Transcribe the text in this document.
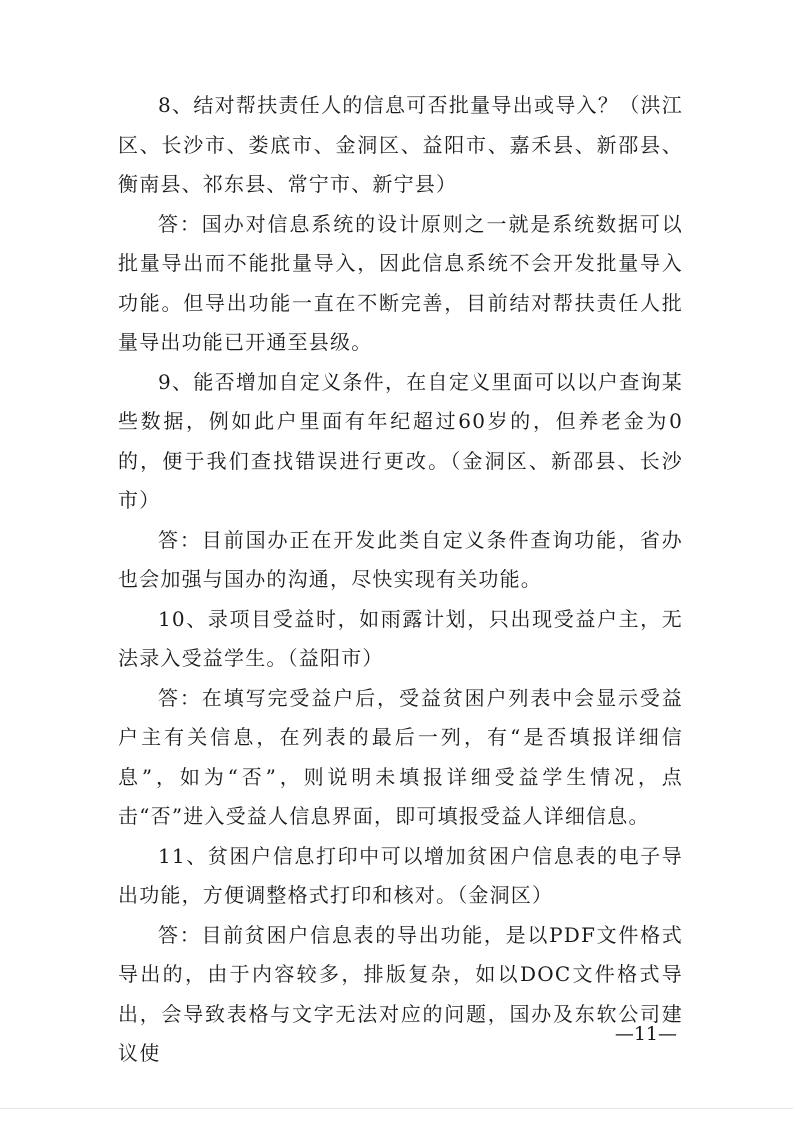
8、结对帮扶责任人的信息可否批量导出或导入？（洪江区、长沙市、娄底市、金洞区、益阳市、嘉禾县、新邵县、衡南县、祁东县、常宁市、新宁县）

答：国办对信息系统的设计原则之一就是系统数据可以批量导出而不能批量导入，因此信息系统不会开发批量导入功能。但导出功能一直在不断完善，目前结对帮扶责任人批量导出功能已开通至县级。

9、能否增加自定义条件，在自定义里面可以以户查询某些数据，例如此户里面有年纪超过60岁的，但养老金为0的，便于我们查找错误进行更改。（金洞区、新邵县、长沙市）

答：目前国办正在开发此类自定义条件查询功能，省办也会加强与国办的沟通，尽快实现有关功能。

10、录项目受益时，如雨露计划，只出现受益户主，无法录入受益学生。（益阳市）

答：在填写完受益户后，受益贫困户列表中会显示受益户主有关信息，在列表的最后一列，有“是否填报详细信息”，如为“否”，则说明未填报详细受益学生情况，点击“否”进入受益人信息界面，即可填报受益人详细信息。

11、贫困户信息打印中可以增加贫困户信息表的电子导出功能，方便调整格式打印和核对。（金洞区）

答：目前贫困户信息表的导出功能，是以PDF文件格式导出的，由于内容较多，排版复杂，如以DOC文件格式导出，会导致表格与文字无法对应的问题，国办及东软公司建议使

—11—
